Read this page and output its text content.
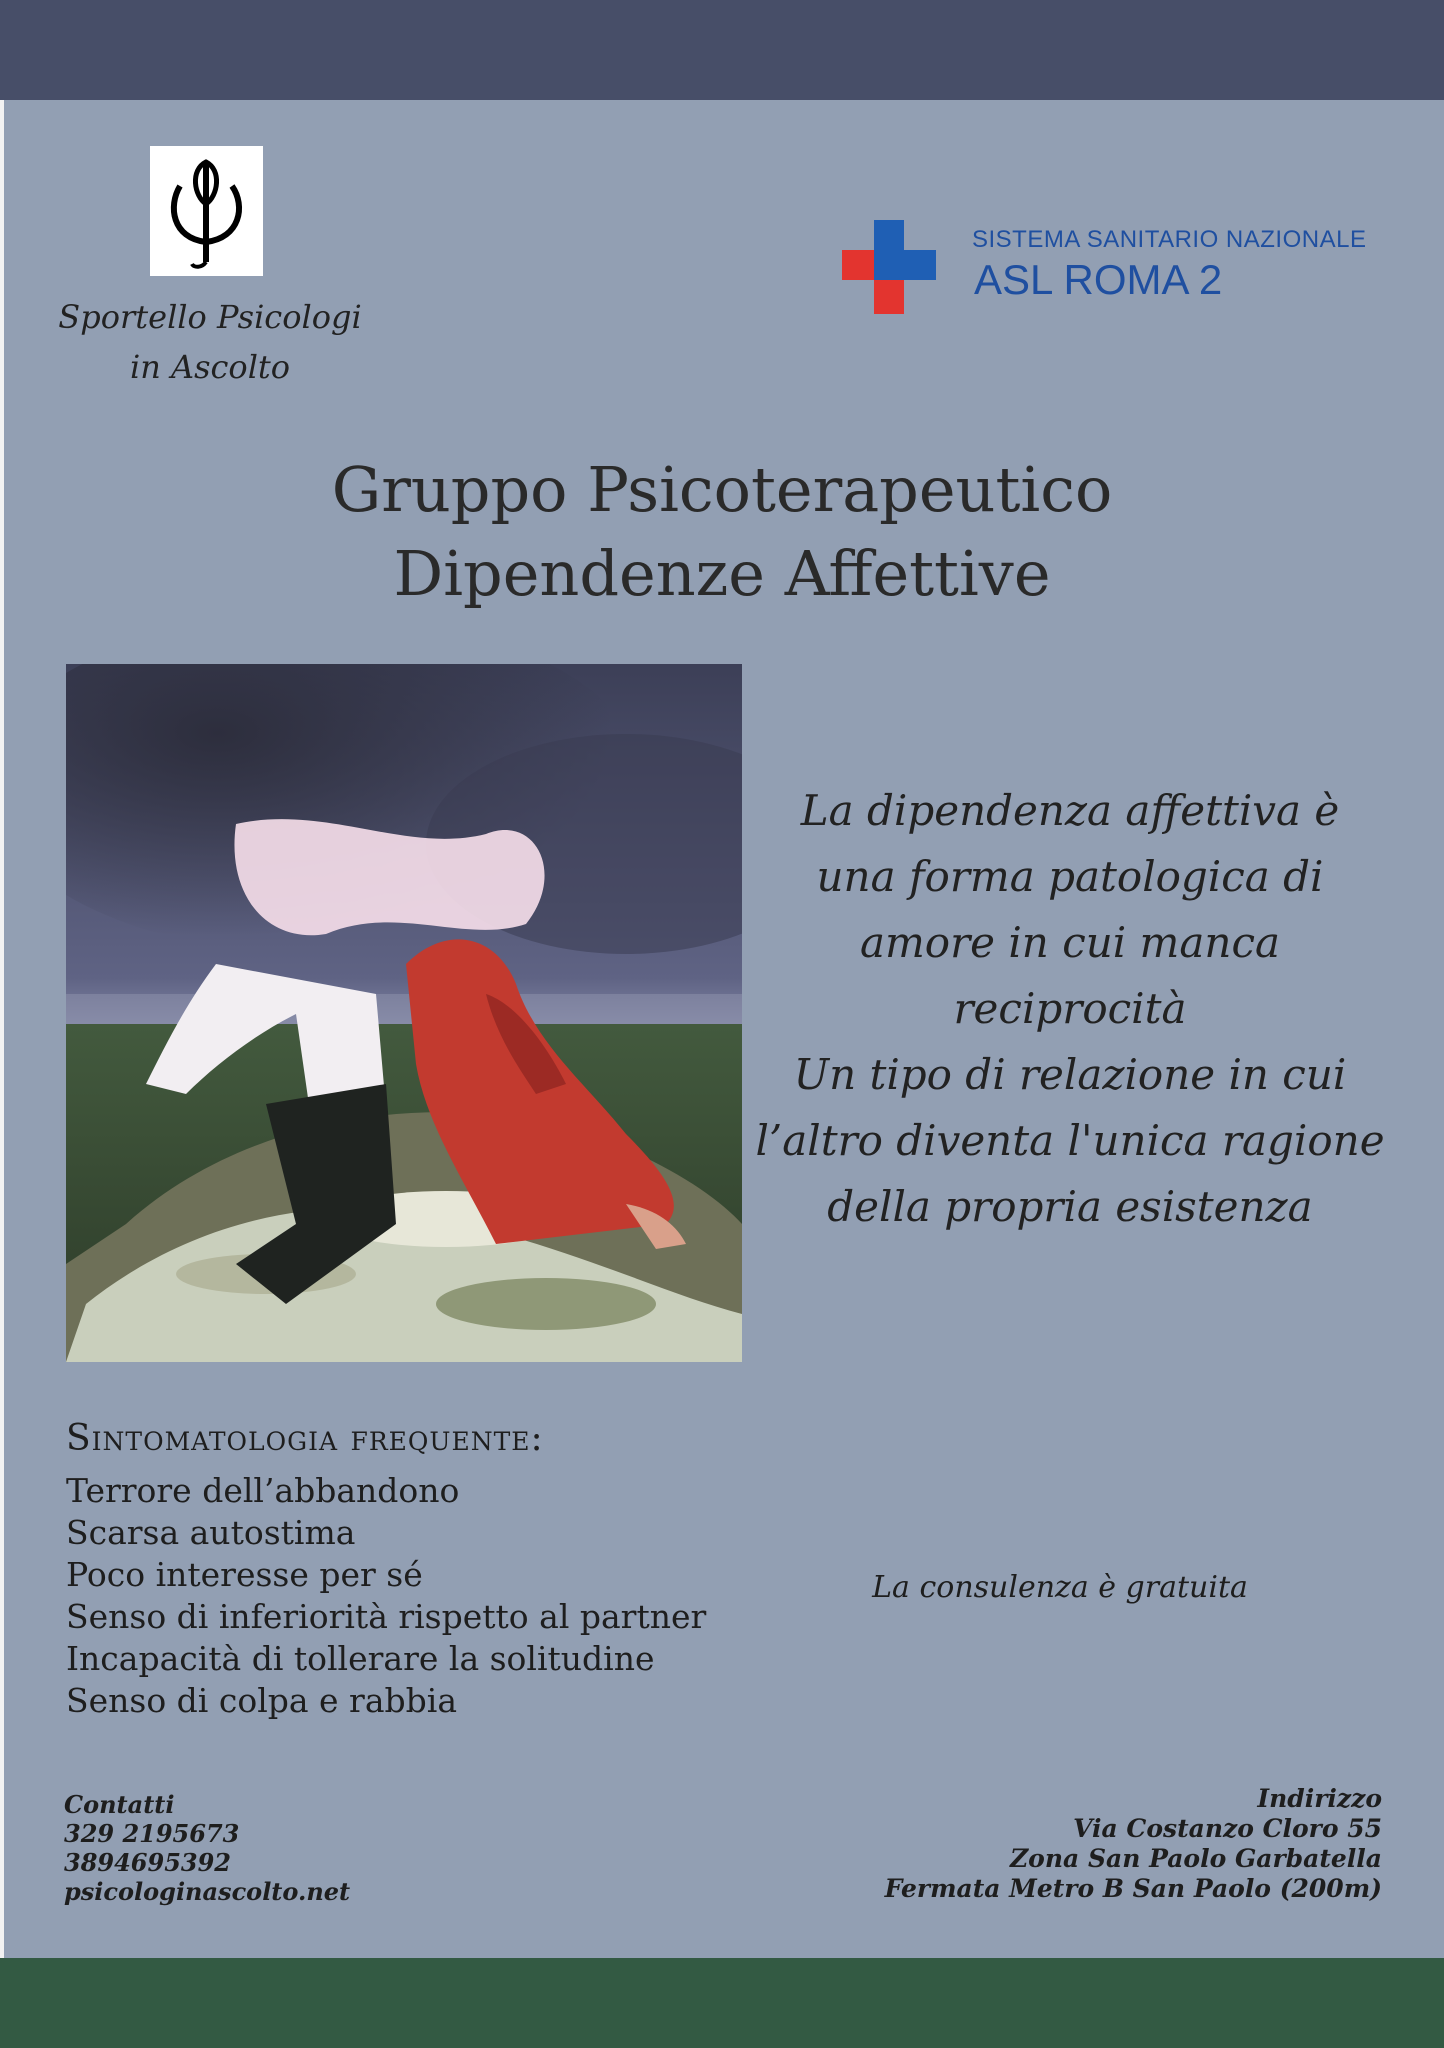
Sportello Psicologi
in Ascolto
SISTEMA SANITARIO NAZIONALE
ASL ROMA 2
Gruppo Psicoterapeutico
Dipendenze Affettive
La dipendenza affettiva è
una forma patologica di
amore in cui manca
reciprocità
Un tipo di relazione in cui
l’altro diventa l'unica ragione
della propria esistenza
Sintomatologia frequente:
Terrore dell’abbandono
Scarsa autostima
Poco interesse per sé
Senso di inferiorità rispetto al partner
Incapacità di tollerare la solitudine
Senso di colpa e rabbia
La consulenza è gratuita
Contatti
329 2195673
3894695392
psicologinascolto.net
Indirizzo
Via Costanzo Cloro 55
Zona San Paolo Garbatella
Fermata Metro B San Paolo (200m)
